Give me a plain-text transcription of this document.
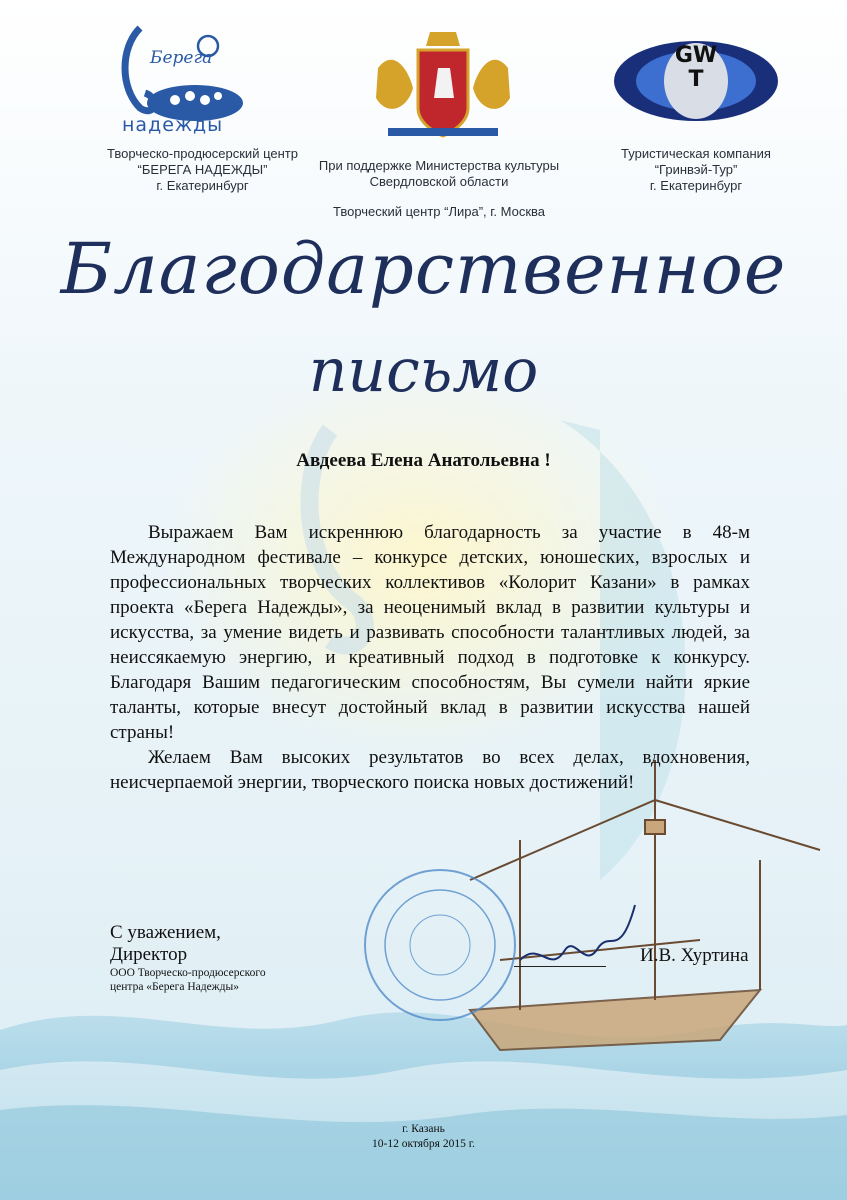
Берега
надежды
GWT
Творческо-продюсерский центр
“БЕРЕГА НАДЕЖДЫ”
г. Екатеринбург
При поддержке Министерства культуры
Свердловской области
Творческий центр “Лира”, г. Москва
Туристическая компания
“Гринвэй-Тур”
г. Екатеринбург
Благодарственное
письмо
Авдеева Елена Анатольевна !

Выражаем Вам искреннюю благодарность за участие в 48-м Международном фестивале – конкурсе детских, юношеских, взрослых и профессиональных творческих коллективов «Колорит Казани» в рамках проекта «Берега Надежды», за неоценимый вклад в развитии культуры и искусства, за умение видеть и развивать способности талантливых людей, за неиссякаемую энергию, и креативный подход в подготовке к конкурсу. Благодаря Вашим педагогическим способностям, Вы сумели найти яркие таланты, которые внесут достойный вклад в развитии искусства нашей страны!

Желаем Вам высоких результатов во всех делах, вдохновения, неисчерпаемой энергии, творческого поиска новых достижений!

С уважением,
Директор
ООО Творческо-продюсерского
центра «Берега Надежды»
И.В. Хуртина
г. Казань
10-12 октября 2015 г.
